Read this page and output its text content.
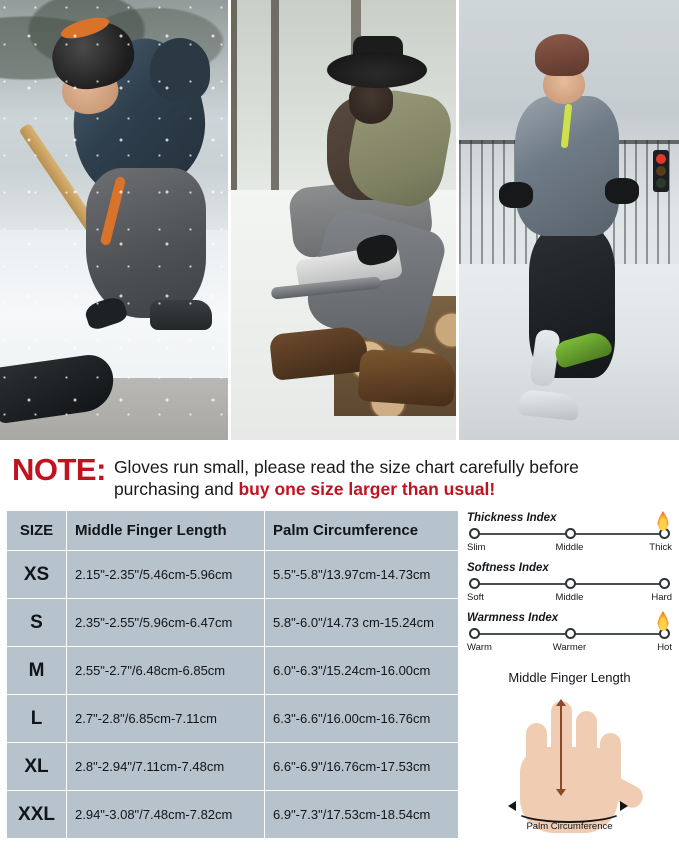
NOTE: Gloves run small, please read the size chart carefully before purchasing and buy one size larger than usual!
SIZE	Middle Finger Length	Palm Circumference
XS	2.15"-2.35"/5.46cm-5.96cm	5.5"-5.8"/13.97cm-14.73cm
S	2.35"-2.55"/5.96cm-6.47cm	5.8"-6.0"/14.73 cm-15.24cm
M	2.55"-2.7"/6.48cm-6.85cm	6.0"-6.3"/15.24cm-16.00cm
L	2.7"-2.8"/6.85cm-7.11cm	6.3"-6.6"/16.00cm-16.76cm
XL	2.8"-2.94"/7.11cm-7.48cm	6.6"-6.9"/16.76cm-17.53cm
XXL	2.94"-3.08"/7.48cm-7.82cm	6.9"-7.3"/17.53cm-18.54cm
Thickness Index
Slim	Middle	Thick
Softness Index
Soft	Middle	Hard
Warmness Index
Warm	Warmer	Hot
Middle Finger Length
Palm Circumference
